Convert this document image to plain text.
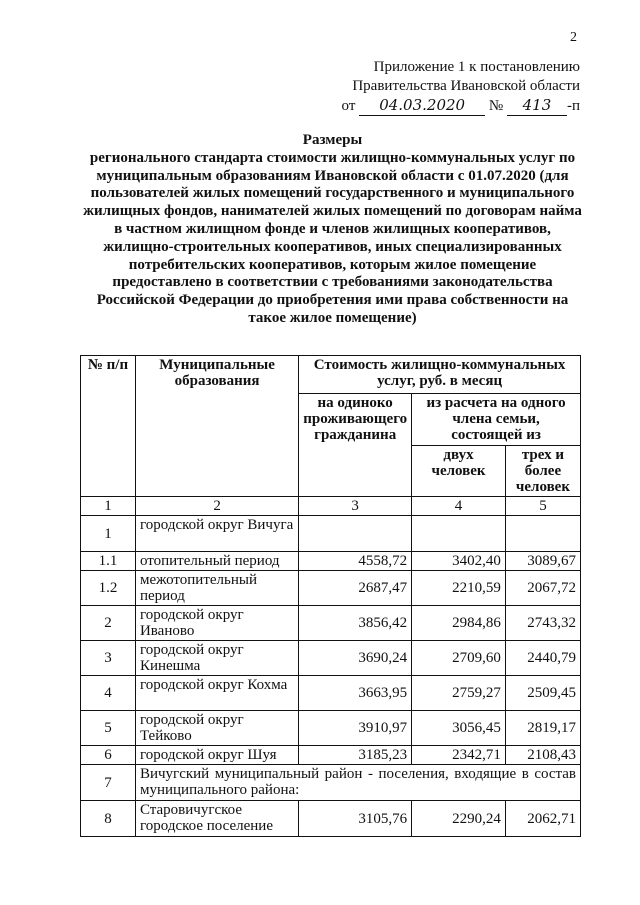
2
Приложение 1 к постановлению
Правительства Ивановской области
от 04.03.2020 № 413 -п
Размеры
регионального стандарта стоимости жилищно-коммунальных услуг по муниципальным образованиям Ивановской области с 01.07.2020 (для пользователей жилых помещений государственного и муниципального жилищных фондов, нанимателей жилых помещений по договорам найма в частном жилищном фонде и членов жилищных кооперативов, жилищно-строительных кооперативов, иных специализированных потребительских кооперативов, которым жилое помещение предоставлено в соответствии с требованиями законодательства Российской Федерации до приобретения ими права собственности на такое жилое помещение)
№ п/п	Муниципальные образования	Стоимость жилищно-коммунальных услуг, руб. в месяц		
		на одиноко проживающего гражданина	из расчета на одного члена семьи, состоящей из	
			двух человек	трех и более человек
1	2	3	4	5
1	городской округ Вичуга			
1.1	отопительный период	4558,72	3402,40	3089,67
1.2	межотопительный период	2687,47	2210,59	2067,72
2	городской округ Иваново	3856,42	2984,86	2743,32
3	городской округ Кинешма	3690,24	2709,60	2440,79
4	городской округ Кохма	3663,95	2759,27	2509,45
5	городской округ Тейково	3910,97	3056,45	2819,17
6	городской округ Шуя	3185,23	2342,71	2108,43
7	Вичугский муниципальный район - поселения, входящие в состав муниципального района:			
8	Старовичугское городское поселение	3105,76	2290,24	2062,71
